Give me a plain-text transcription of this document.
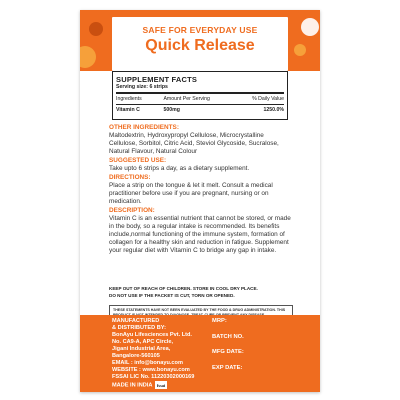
SAFE FOR EVERYDAY USE
Quick Release
SUPPLEMENT FACTS
Serving size: 6 strips
Ingredients	Amount Per Serving	% Daily Value
Vitamin C	500mg	1250.0%
OTHER INGREDIENTS:
Maltodextrin, Hydroxypropyl Cellulose, Microcrystalline Cellulose, Sorbitol, Citric Acid, Steviol Glycoside, Sucralose, Natural Flavour, Natural Colour
SUGGESTED USE:
Take upto 6 strips a day, as a dietary supplement.
DIRECTIONS:
Place a strip on the tongue & let it melt. Consult a medical practitioner before use if you are pregnant, nursing or on medication.
DESCRIPTION:
Vitamin C is an essential nutrient that cannot be stored, or made in the body, so a regular intake is recommended. Its benefits include,normal functioning of the immune system, formation of collagen for a healthy skin and reduction in fatigue. Supplement your regular diet with Vitamin C to bridge any gap in intake.
KEEP OUT OF REACH OF CHILDREN. STORE IN COOL DRY PLACE.
DO NOT USE IF THE PACKET IS CUT, TORN OR OPENED.
THESE STATEMENTS HAVE NOT BEEN EVALUATED BY THE FOOD & DRUG ADMINISTRATION. THIS
MANUFACTURED
& DISTRIBUTED BY:
BonAyu Lifesciences Pvt. Ltd.
No. CA9-A, APC Circle,
Jigani Industrial Area,
Bangalore-560105
EMAIL : info@bonayu.com
WEBSITE : www.bonayu.com
FSSAI LIC No. 11220302000169
MADE IN INDIA fssai
MRP:
BATCH NO.
MFG DATE:
EXP DATE:
